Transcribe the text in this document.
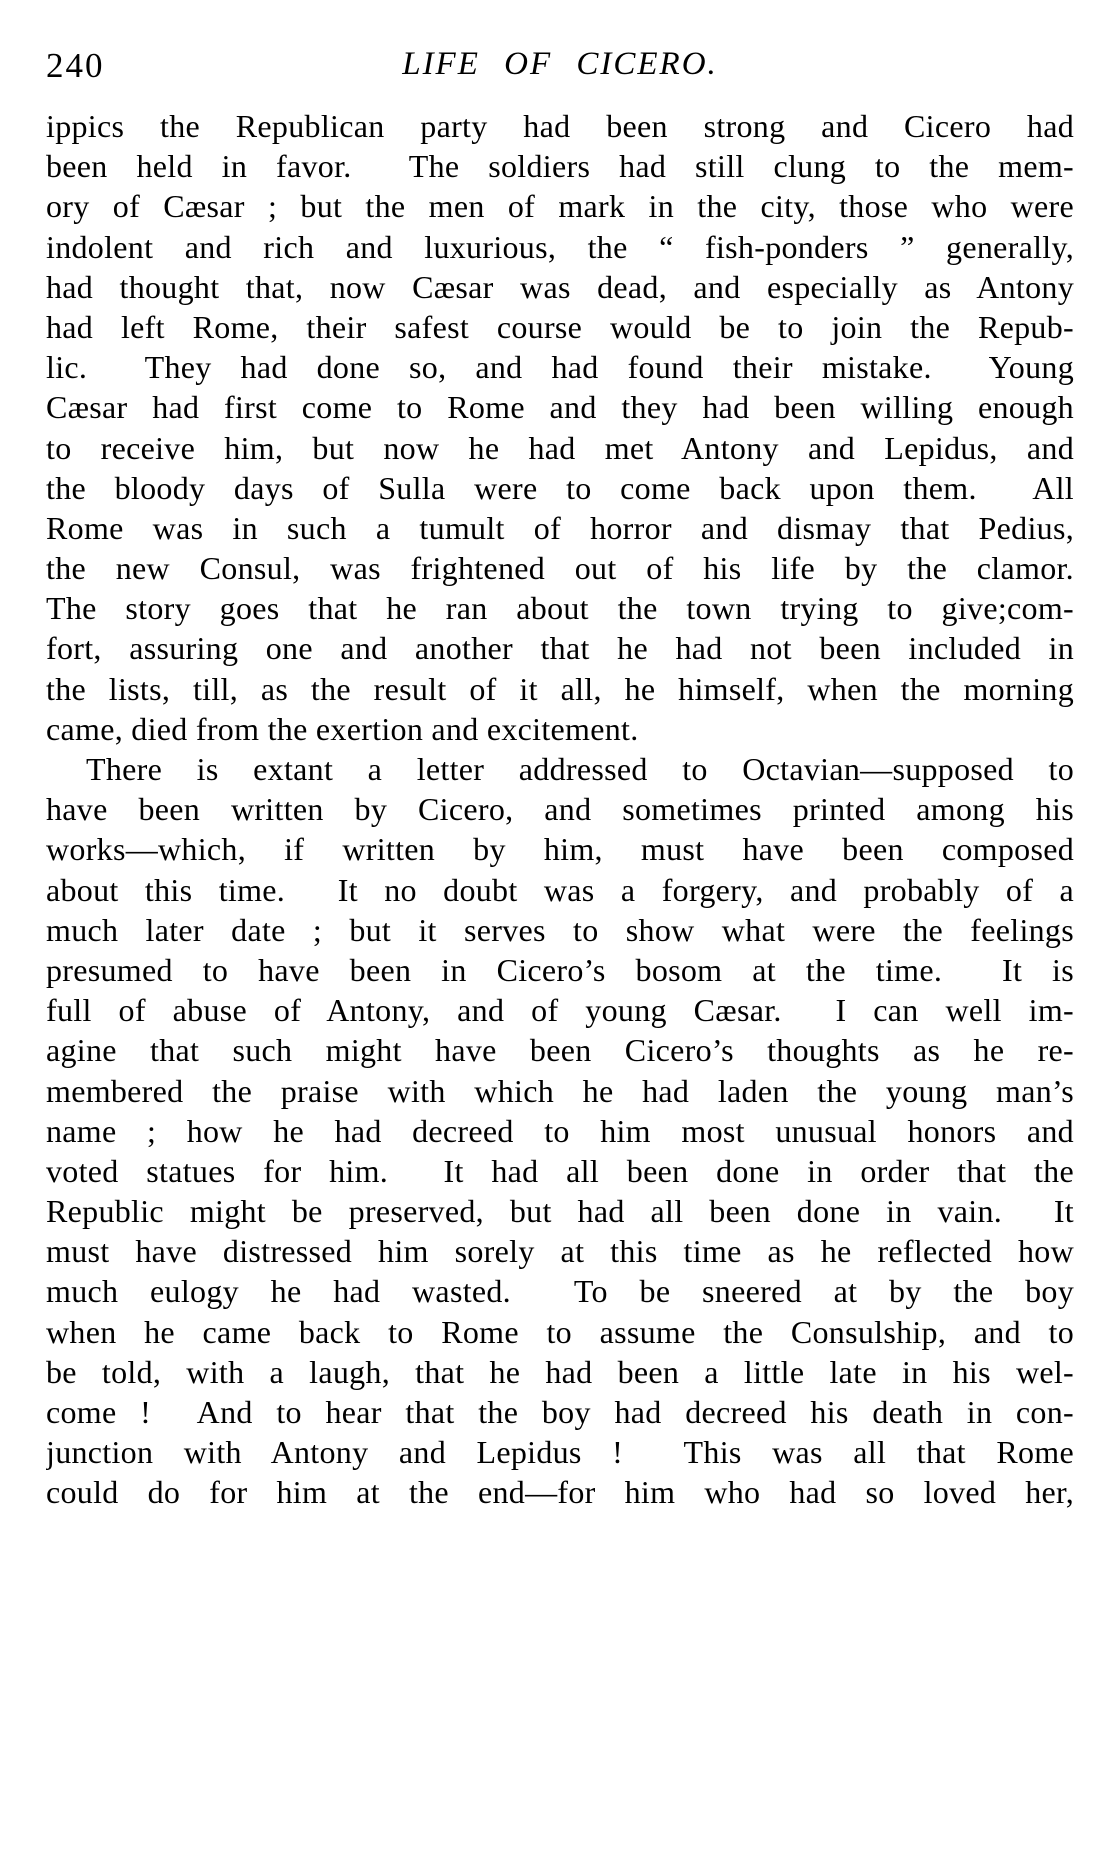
240	LIFE OF CICERO.
ippics the Republican party had been strong and Cicero had
been held in favor.  The soldiers had still clung to the mem-
ory of Cæsar ; but the men of mark in the city, those who were
indolent and rich and luxurious, the “ fish-ponders ” generally,
had thought that, now Cæsar was dead, and especially as Antony
had left Rome, their safest course would be to join the Repub-
lic.  They had done so, and had found their mistake.  Young
Cæsar had first come to Rome and they had been willing enough
to receive him, but now he had met Antony and Lepidus, and
the bloody days of Sulla were to come back upon them.  All
Rome was in such a tumult of horror and dismay that Pedius,
the new Consul, was frightened out of his life by the clamor.
The story goes that he ran about the town trying to give;com-
fort, assuring one and another that he had not been included in
the lists, till, as the result of it all, he himself, when the morning
came, died from the exertion and excitement.
There is extant a letter addressed to Octavian—supposed to
have been written by Cicero, and sometimes printed among his
works—which, if written by him, must have been composed
about this time.  It no doubt was a forgery, and probably of a
much later date ; but it serves to show what were the feelings
presumed to have been in Cicero’s bosom at the time.  It is
full of abuse of Antony, and of young Cæsar.  I can well im-
agine that such might have been Cicero’s thoughts as he re-
membered the praise with which he had laden the young man’s
name ; how he had decreed to him most unusual honors and
voted statues for him.  It had all been done in order that the
Republic might be preserved, but had all been done in vain.  It
must have distressed him sorely at this time as he reflected how
much eulogy he had wasted.  To be sneered at by the boy
when he came back to Rome to assume the Consulship, and to
be told, with a laugh, that he had been a little late in his wel-
come !  And to hear that the boy had decreed his death in con-
junction with Antony and Lepidus !  This was all that Rome
could do for him at the end—for him who had so loved her,
